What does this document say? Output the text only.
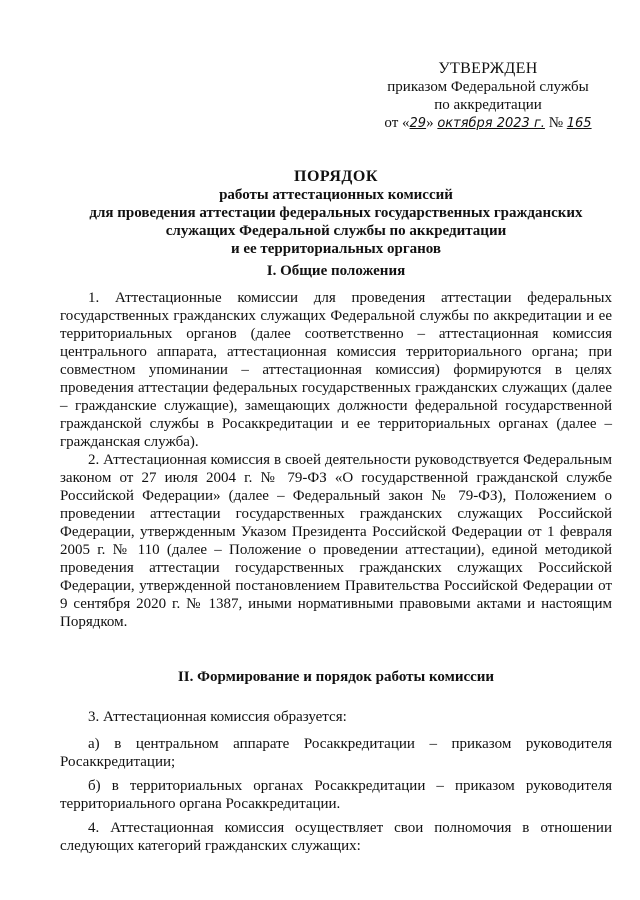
УТВЕРЖДЕН
приказом Федеральной службы
по аккредитации
от «29» октября 2023 г. № 165
ПОРЯДОК
работы аттестационных комиссий
для проведения аттестации федеральных государственных гражданских
служащих Федеральной службы по аккредитации
и ее территориальных органов
I. Общие положения

1. Аттестационные комиссии для проведения аттестации федеральных государственных гражданских служащих Федеральной службы по аккредитации и ее территориальных органов (далее соответственно – аттестационная комиссия центрального аппарата, аттестационная комиссия территориального органа; при совместном упоминании – аттестационная комиссия) формируются в целях проведения аттестации федеральных государственных гражданских служащих (далее – гражданские служащие), замещающих должности федеральной государственной гражданской службы в Росаккредитации и ее территориальных органах (далее – гражданская служба).

2. Аттестационная комиссия в своей деятельности руководствуется Федеральным законом от 27 июля 2004 г. № 79-ФЗ «О государственной гражданской службе Российской Федерации» (далее – Федеральный закон № 79-ФЗ), Положением о проведении аттестации государственных гражданских служащих Российской Федерации, утвержденным Указом Президента Российской Федерации от 1 февраля 2005 г. № 110 (далее – Положение о проведении аттестации), единой методикой проведения аттестации государственных гражданских служащих Российской Федерации, утвержденной постановлением Правительства Российской Федерации от 9 сентября 2020 г. № 1387, иными нормативными правовыми актами и настоящим Порядком.

II. Формирование и порядок работы комиссии

3. Аттестационная комиссия образуется:

а) в центральном аппарате Росаккредитации – приказом руководителя Росаккредитации;

б) в территориальных органах Росаккредитации – приказом руководителя территориального органа Росаккредитации.

4. Аттестационная комиссия осуществляет свои полномочия в отношении следующих категорий гражданских служащих:
